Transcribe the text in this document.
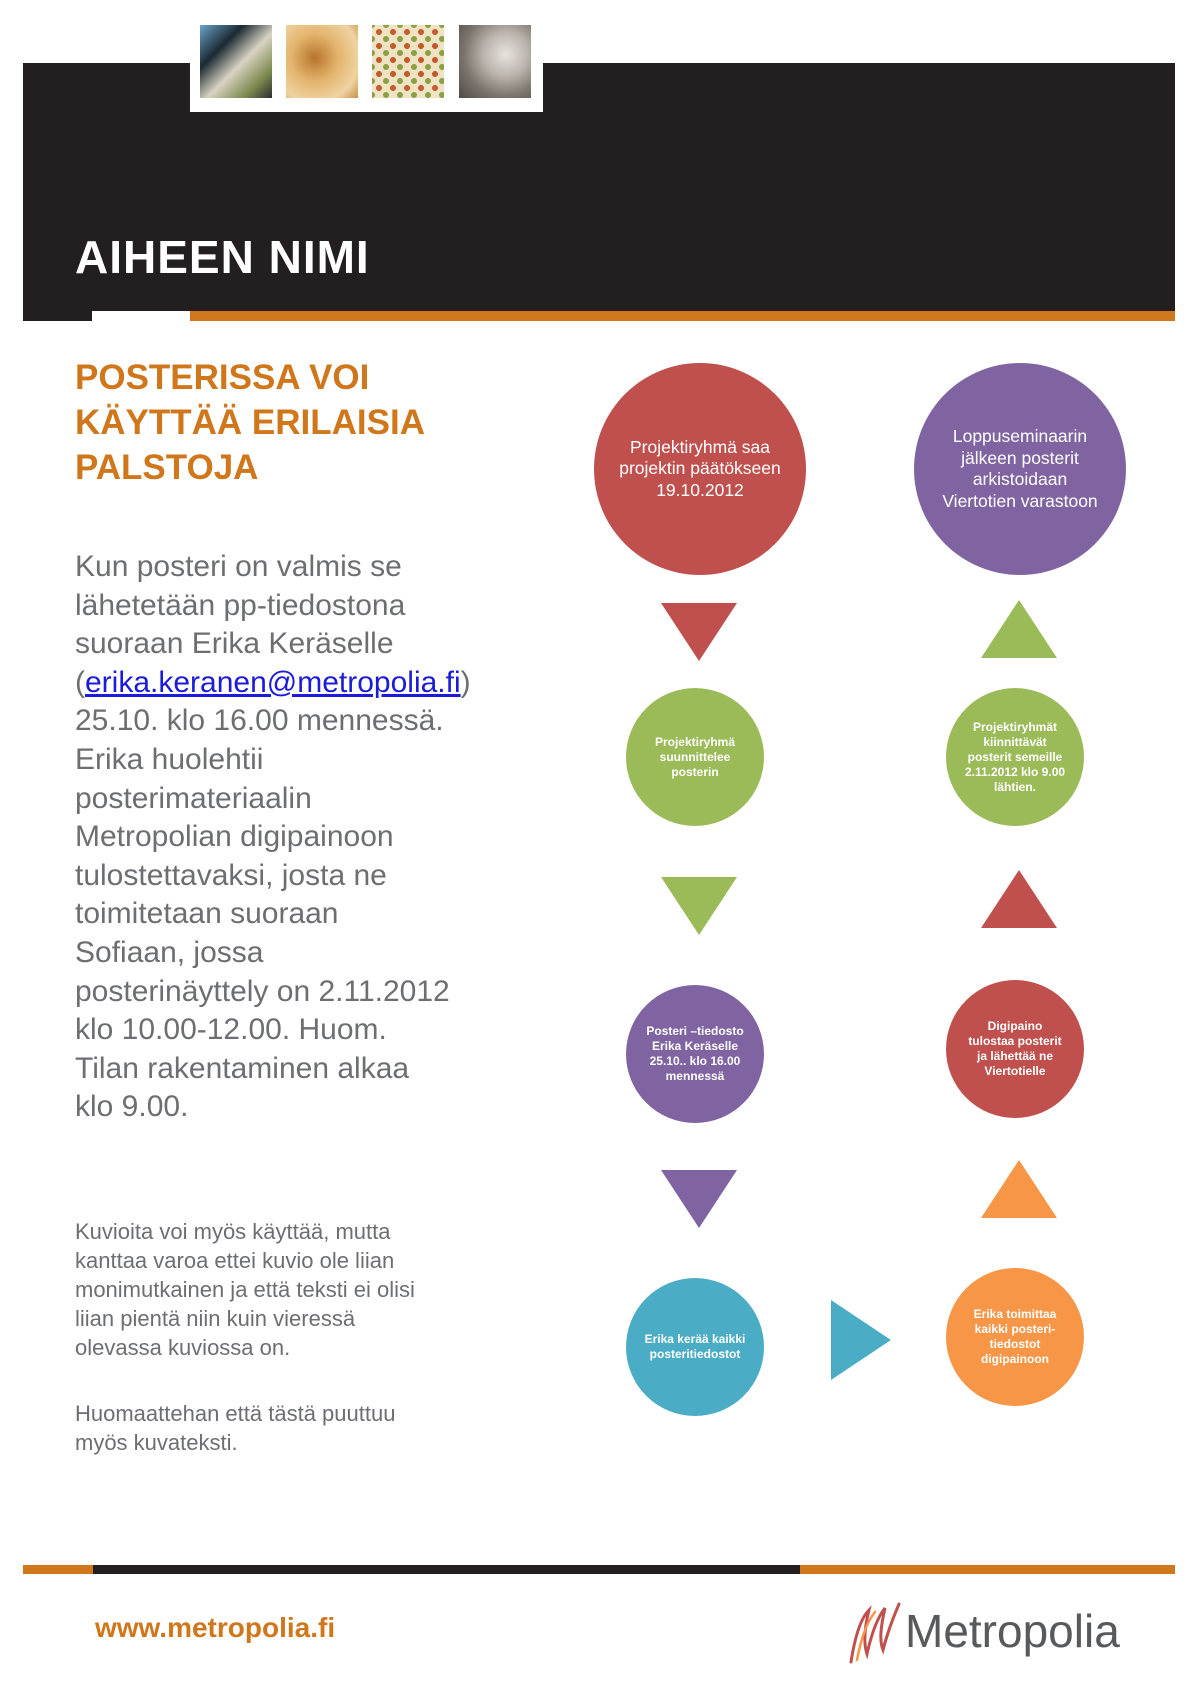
AIHEEN NIMI
POSTERISSA VOI KÄYTTÄÄ ERILAISIA PALSTOJA

Kun posteri on valmis se lähetetään pp-tiedostona suoraan Erika Keräselle (erika.keranen@metropolia.fi) 25.10. klo 16.00 mennessä. Erika huolehtii posterimateriaalin Metropolian digipainoon tulostettavaksi, josta ne toimitetaan suoraan Sofiaan, jossa posterinäyttely on 2.11.2012 klo 10.00-12.00. Huom. Tilan rakentaminen alkaa klo 9.00.

Kuvioita voi myös käyttää, mutta kanttaa varoa ettei kuvio ole liian monimutkainen ja että teksti ei olisi liian pientä niin kuin vieressä olevassa kuviossa on.

Huomaattehan että tästä puuttuu myös kuvateksti.

Projektiryhmä saa projektin päätökseen 19.10.2012
Projektiryhmä suunnittelee posterin
Posteri –tiedosto Erika Keräselle 25.10.. klo 16.00 mennessä
Erika kerää kaikki posteritiedostot
Erika toimittaa kaikki posteri-tiedostot digipainoon
Digipaino tulostaa posterit ja lähettää ne Viertotielle
Projektiryhmät kiinnittävät posterit semeille 2.11.2012 klo 9.00 lähtien.
Loppuseminaarin jälkeen posterit arkistoidaan Viertotien varastoon

www.metropolia.fi	Metropolia
